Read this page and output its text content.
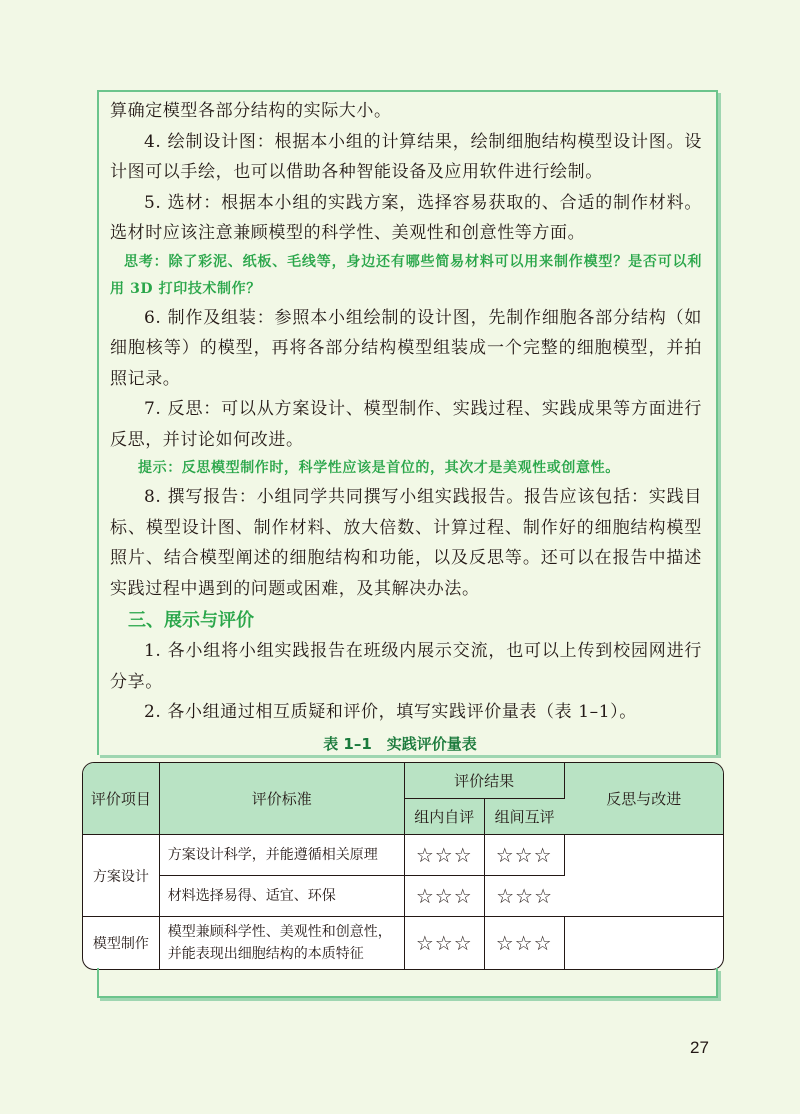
算确定模型各部分结构的实际大小。

4. 绘制设计图：根据本小组的计算结果，绘制细胞结构模型设计图。设计图可以手绘，也可以借助各种智能设备及应用软件进行绘制。

5. 选材：根据本小组的实践方案，选择容易获取的、合适的制作材料。选材时应该注意兼顾模型的科学性、美观性和创意性等方面。

思考：除了彩泥、纸板、毛线等，身边还有哪些简易材料可以用来制作模型？是否可以利用 3D 打印技术制作？

6. 制作及组装：参照本小组绘制的设计图，先制作细胞各部分结构（如细胞核等）的模型，再将各部分结构模型组装成一个完整的细胞模型，并拍照记录。

7. 反思：可以从方案设计、模型制作、实践过程、实践成果等方面进行反思，并讨论如何改进。

提示：反思模型制作时，科学性应该是首位的，其次才是美观性或创意性。

8. 撰写报告：小组同学共同撰写小组实践报告。报告应该包括：实践目标、模型设计图、制作材料、放大倍数、计算过程、制作好的细胞结构模型照片、结合模型阐述的细胞结构和功能，以及反思等。还可以在报告中描述实践过程中遇到的问题或困难，及其解决办法。

三、展示与评价

1. 各小组将小组实践报告在班级内展示交流，也可以上传到校园网进行分享。

2. 各小组通过相互质疑和评价，填写实践评价量表（表 1–1）。

表 1–1　实践评价量表
评价项目	评价标准	评价结果		反思与改进
		组内自评	组间互评	
方案设计	方案设计科学，并能遵循相关原理	☆☆☆	☆☆☆	
	材料选择易得、适宜、环保	☆☆☆	☆☆☆	
模型制作	模型兼顾科学性、美观性和创意性，并能表现出细胞结构的本质特征	☆☆☆	☆☆☆	
27
